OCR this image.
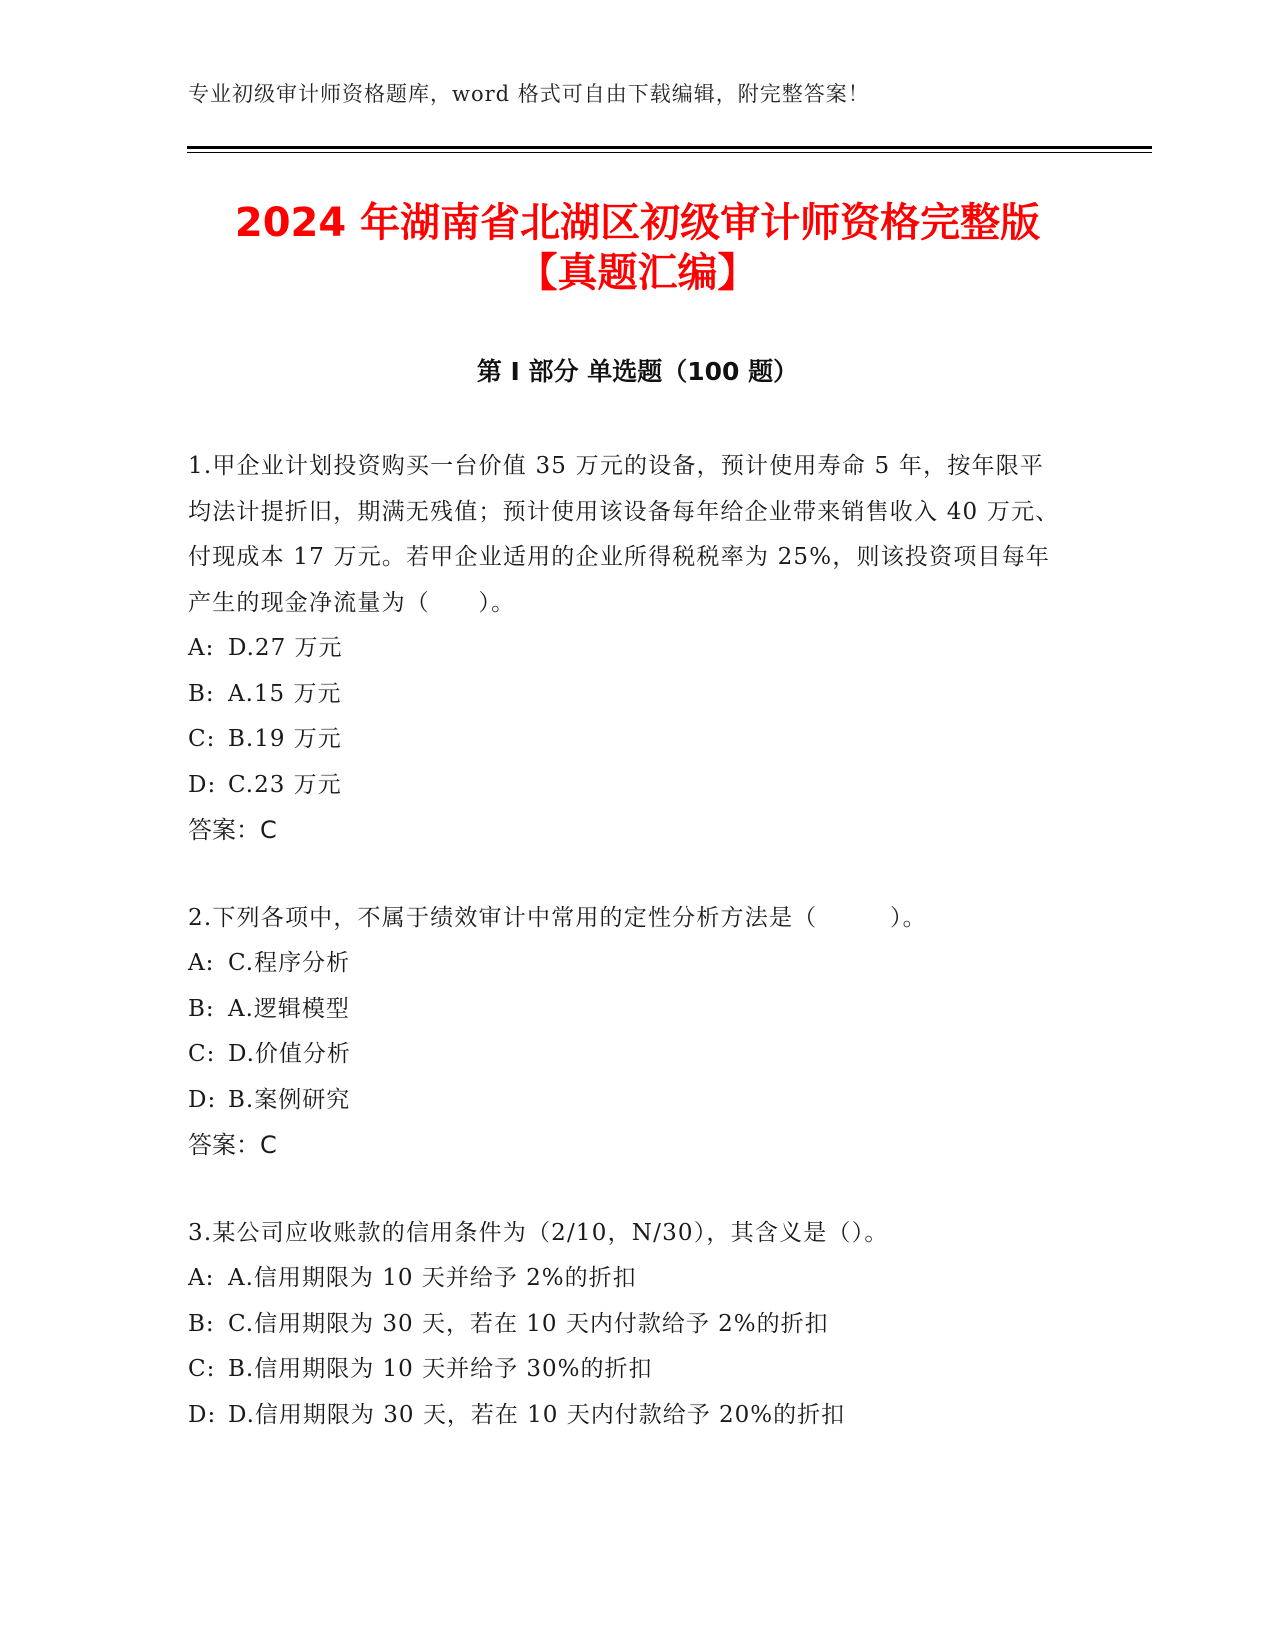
专业初级审计师资格题库，word 格式可自由下载编辑，附完整答案！
2024 年湖南省北湖区初级审计师资格完整版
【真题汇编】
第 I 部分 单选题（100 题）

1.甲企业计划投资购买一台价值 35 万元的设备，预计使用寿命 5 年，按年限平均法计提折旧，期满无残值；预计使用该设备每年给企业带来销售收入 40 万元、付现成本 17 万元。若甲企业适用的企业所得税税率为 25%，则该投资项目每年产生的现金净流量为（　　）。

A: D.27 万元

B: A.15 万元

C: B.19 万元

D: C.23 万元

答案：C

2.下列各项中，不属于绩效审计中常用的定性分析方法是（　　　）。

A: C.程序分析

B: A.逻辑模型

C: D.价值分析

D: B.案例研究

答案：C

3.某公司应收账款的信用条件为（2/10，N/30），其含义是（）。

A: A.信用期限为 10 天并给予 2%的折扣

B: C.信用期限为 30 天，若在 10 天内付款给予 2%的折扣

C: B.信用期限为 10 天并给予 30%的折扣

D: D.信用期限为 30 天，若在 10 天内付款给予 20%的折扣
